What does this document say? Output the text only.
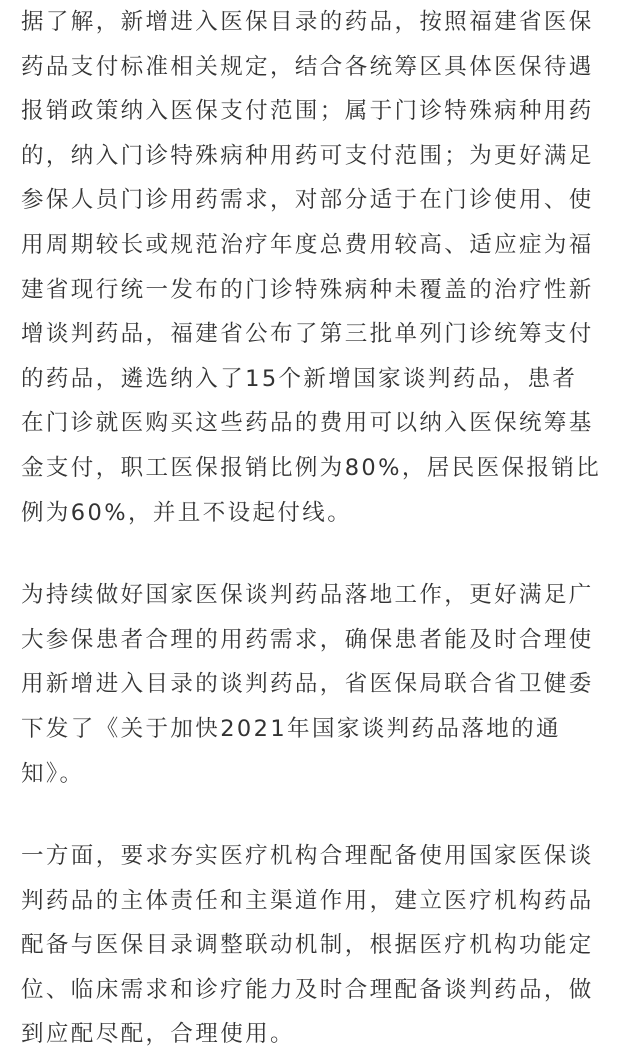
据了解，新增进入医保目录的药品，按照福建省医保
药品支付标准相关规定，结合各统筹区具体医保待遇
报销政策纳入医保支付范围；属于门诊特殊病种用药
的，纳入门诊特殊病种用药可支付范围；为更好满足
参保人员门诊用药需求，对部分适于在门诊使用、使
用周期较长或规范治疗年度总费用较高、适应症为福
建省现行统一发布的门诊特殊病种未覆盖的治疗性新
增谈判药品，福建省公布了第三批单列门诊统筹支付
的药品，遴选纳入了15个新增国家谈判药品，患者
在门诊就医购买这些药品的费用可以纳入医保统筹基
金支付，职工医保报销比例为80%，居民医保报销比
例为60%，并且不设起付线。
为持续做好国家医保谈判药品落地工作，更好满足广
大参保患者合理的用药需求，确保患者能及时合理使
用新增进入目录的谈判药品，省医保局联合省卫健委
下发了《关于加快2021年国家谈判药品落地的通
知》。
一方面，要求夯实医疗机构合理配备使用国家医保谈
判药品的主体责任和主渠道作用，建立医疗机构药品
配备与医保目录调整联动机制，根据医疗机构功能定
位、临床需求和诊疗能力及时合理配备谈判药品，做
到应配尽配，合理使用。
